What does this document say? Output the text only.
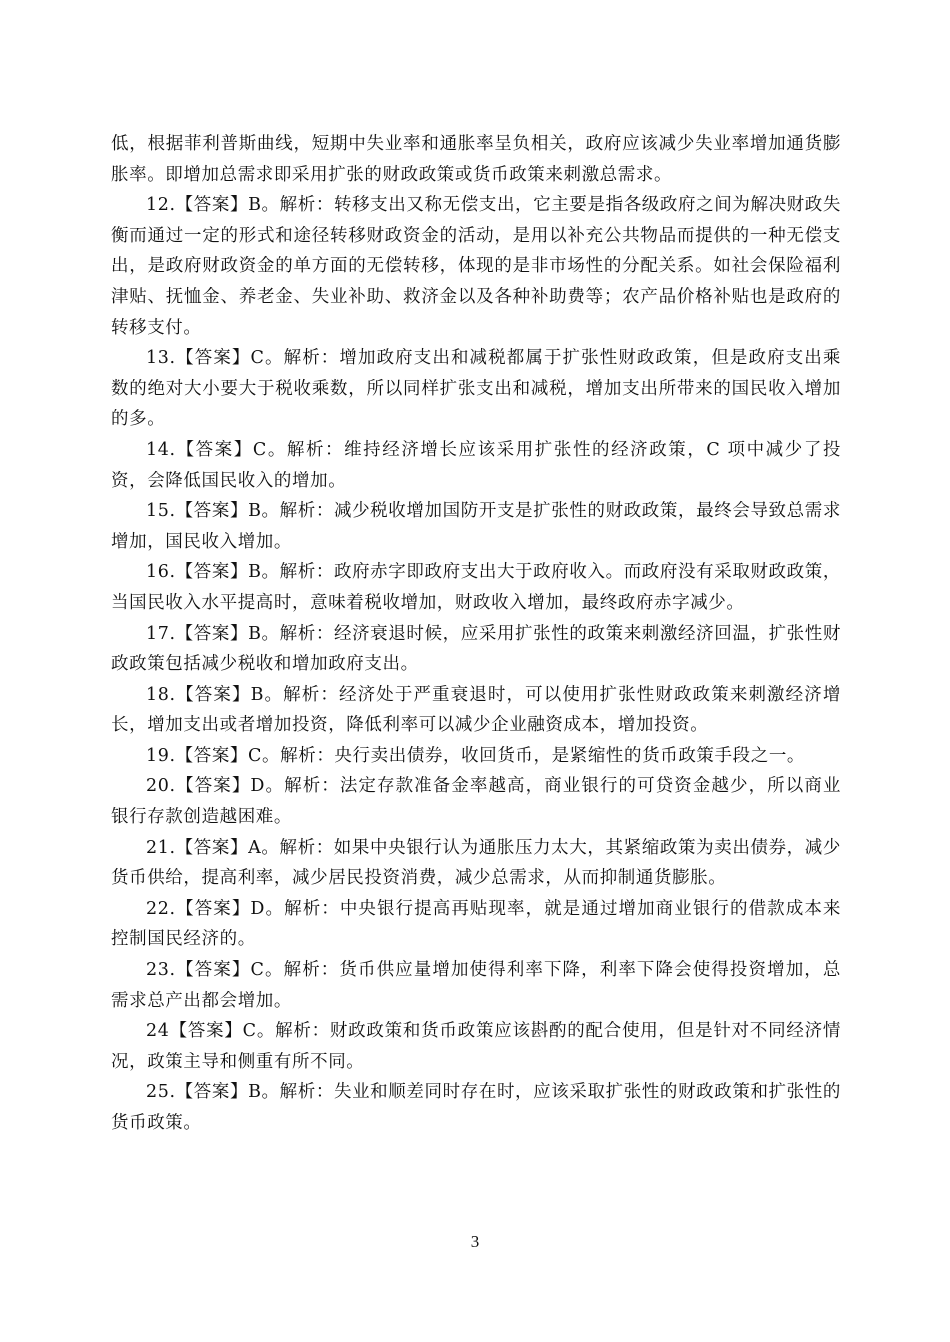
低，根据菲利普斯曲线，短期中失业率和通胀率呈负相关，政府应该减少失业率增加通货膨胀率。即增加总需求即采用扩张的财政政策或货币政策来刺激总需求。

12.【答案】B。解析：转移支出又称无偿支出，它主要是指各级政府之间为解决财政失衡而通过一定的形式和途径转移财政资金的活动，是用以补充公共物品而提供的一种无偿支出，是政府财政资金的单方面的无偿转移，体现的是非市场性的分配关系。如社会保险福利津贴、抚恤金、养老金、失业补助、救济金以及各种补助费等；农产品价格补贴也是政府的转移支付。

13.【答案】C。解析：增加政府支出和减税都属于扩张性财政政策，但是政府支出乘数的绝对大小要大于税收乘数，所以同样扩张支出和减税，增加支出所带来的国民收入增加的多。

14.【答案】C。解析：维持经济增长应该采用扩张性的经济政策，C 项中减少了投资，会降低国民收入的增加。

15.【答案】B。解析：减少税收增加国防开支是扩张性的财政政策，最终会导致总需求增加，国民收入增加。

16.【答案】B。解析：政府赤字即政府支出大于政府收入。而政府没有采取财政政策，当国民收入水平提高时，意味着税收增加，财政收入增加，最终政府赤字减少。

17.【答案】B。解析：经济衰退时候，应采用扩张性的政策来刺激经济回温，扩张性财政政策包括减少税收和增加政府支出。

18.【答案】B。解析：经济处于严重衰退时，可以使用扩张性财政政策来刺激经济增长，增加支出或者增加投资，降低利率可以减少企业融资成本，增加投资。

19.【答案】C。解析：央行卖出债券，收回货币，是紧缩性的货币政策手段之一。

20.【答案】D。解析：法定存款准备金率越高，商业银行的可贷资金越少，所以商业银行存款创造越困难。

21.【答案】A。解析：如果中央银行认为通胀压力太大，其紧缩政策为卖出债券，减少货币供给，提高利率，减少居民投资消费，减少总需求，从而抑制通货膨胀。

22.【答案】D。解析：中央银行提高再贴现率，就是通过增加商业银行的借款成本来控制国民经济的。

23.【答案】C。解析：货币供应量增加使得利率下降，利率下降会使得投资增加，总需求总产出都会增加。

24【答案】C。解析：财政政策和货币政策应该斟酌的配合使用，但是针对不同经济情况，政策主导和侧重有所不同。

25.【答案】B。解析：失业和顺差同时存在时，应该采取扩张性的财政政策和扩张性的货币政策。

3
